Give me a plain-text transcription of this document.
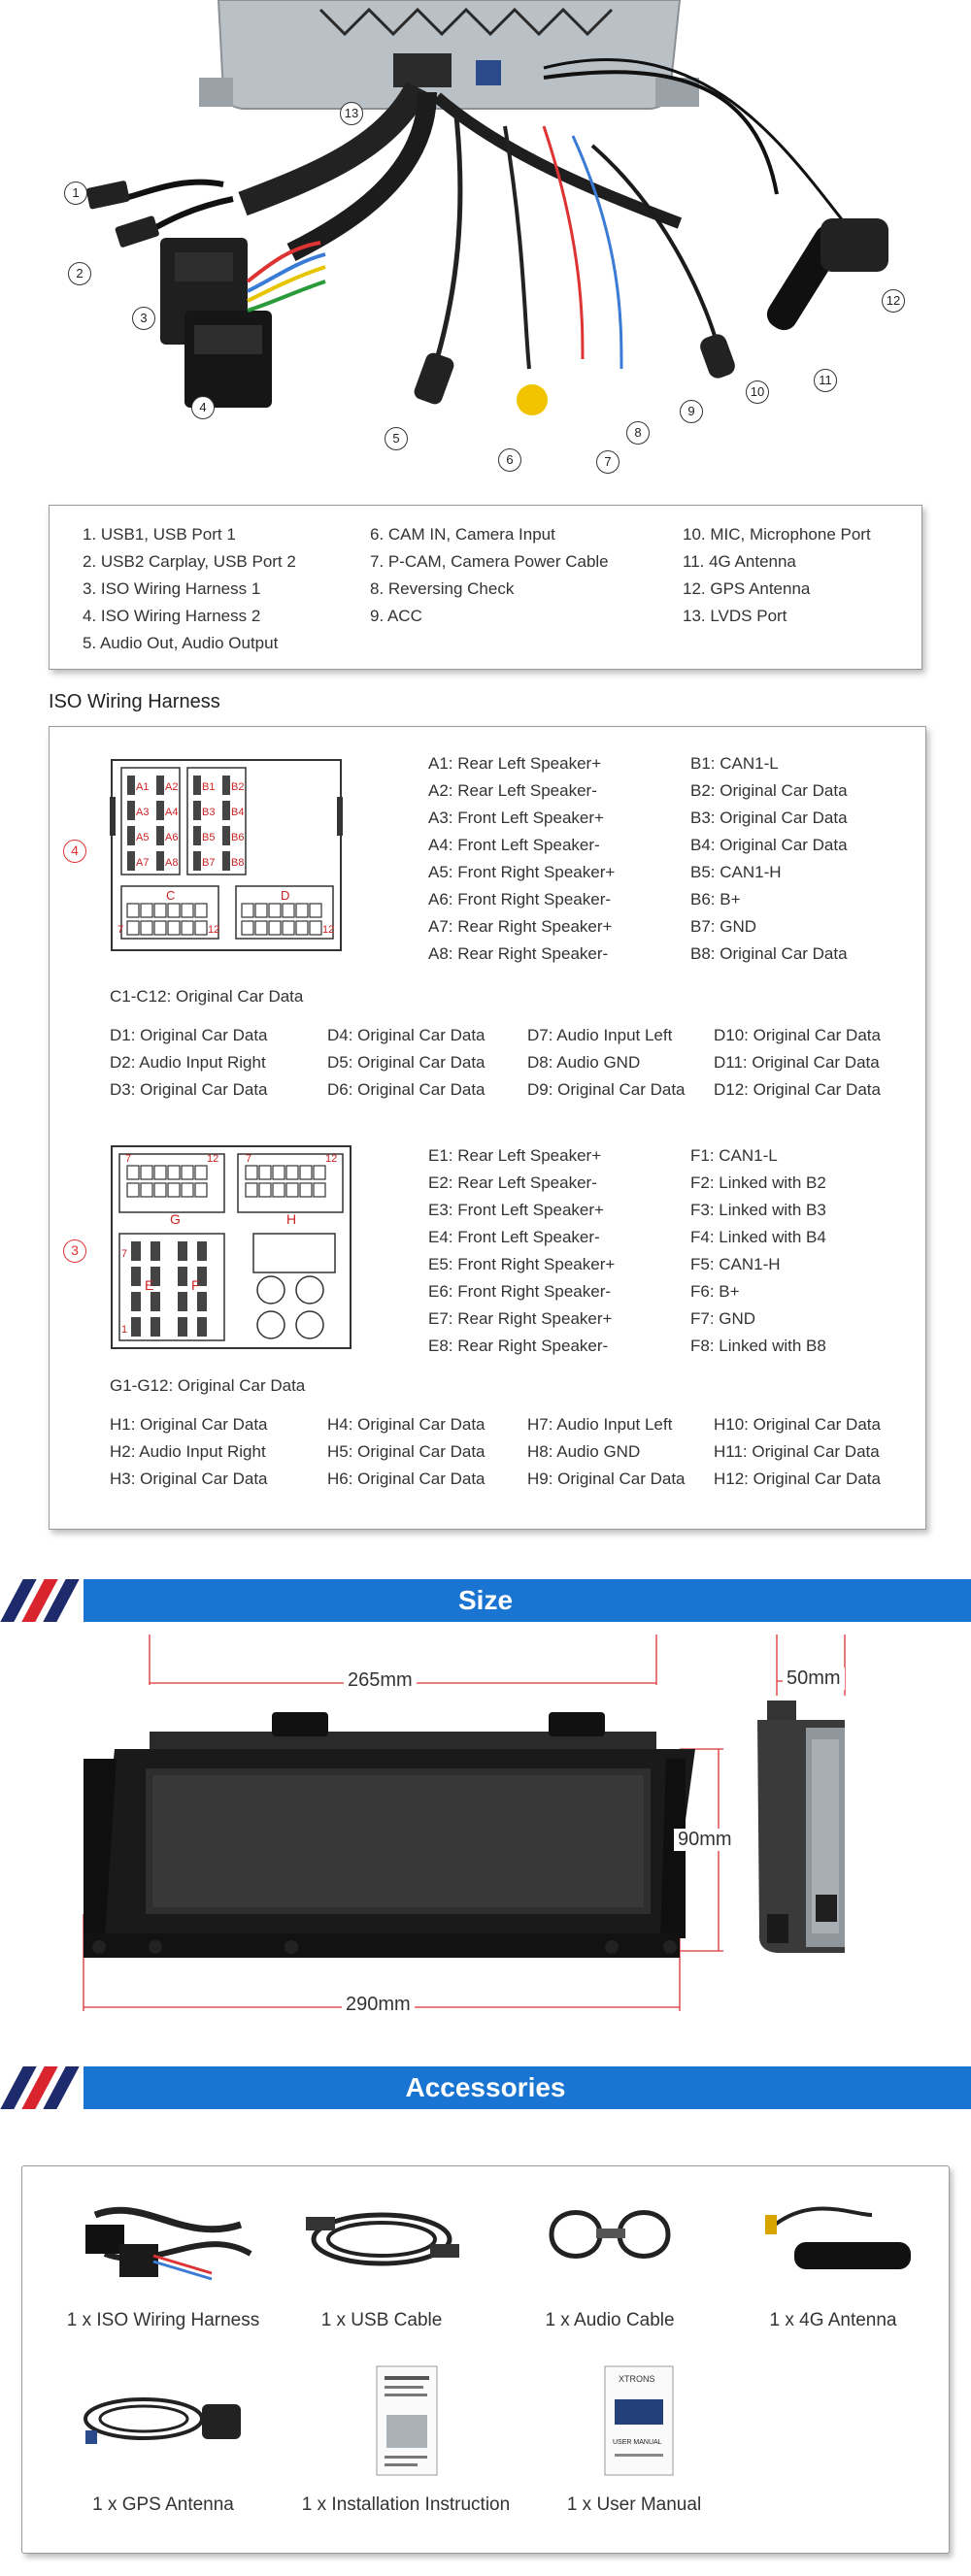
13
1
2
3
4
5
6	7
8
9
10
11
12
1. USB1, USB Port 1
2. USB2 Carplay, USB Port 2
3. ISO Wiring Harness 1
4. ISO Wiring Harness 2
5. Audio Out, Audio Output
6. CAM IN, Camera Input
7. P-CAM, Camera Power Cable
8. Reversing Check
9. ACC
10. MIC, Microphone Port
11. 4G Antenna
12. GPS Antenna
13. LVDS Port
ISO Wiring Harness
4
A1 A2
A3 A4
A5 A6
A7 A8
B1 B2
B3 B4
B5 B6
B7 B8
C	D
7	12	12
A1: Rear Left Speaker+
A2: Rear Left Speaker-
A3: Front Left Speaker+
A4: Front Left Speaker-
A5: Front Right Speaker+
A6: Front Right Speaker-
A7: Rear Right Speaker+
A8: Rear Right Speaker-
B1: CAN1-L
B2: Original Car Data
B3: Original Car Data
B4: Original Car Data
B5: CAN1-H
B6: B+
B7: GND
B8: Original Car Data
C1-C12: Original Car Data
D1: Original Car Data	D4: Original Car Data	D7: Audio Input Left	D10: Original Car Data
D2: Audio Input Right	D5: Original Car Data	D8: Audio GND	D11: Original Car Data
D3: Original Car Data	D6: Original Car Data	D9: Original Car Data D12: Original Car Data
3
G	H
E	F
7	12	7	12
7
1
E1: Rear Left Speaker+
E2: Rear Left Speaker-
E3: Front Left Speaker+
E4: Front Left Speaker-
E5: Front Right Speaker+
E6: Front Right Speaker-
E7: Rear Right Speaker+
E8: Rear Right Speaker-
F1: CAN1-L
F2: Linked with B2
F3: Linked with B3
F4: Linked with B4
F5: CAN1-H
F6: B+
F7: GND
F8: Linked with B8
G1-G12: Original Car Data
H1: Original Car Data	H4: Original Car Data	H7: Audio Input Left	H10: Original Car Data
H2: Audio Input Right	H5: Original Car Data	H8: Audio GND	H11: Original Car Data
H3: Original Car Data	H6: Original Car Data	H9: Original Car Data H12: Original Car Data
Size
265mm	50mm
90mm
290mm
Accessories
1 x ISO Wiring Harness	1 x USB Cable	1 x Audio Cable	1 x 4G Antenna
1 x GPS Antenna	1 x Installation Instruction
XTRONS
USER MANUAL
1 x User Manual
